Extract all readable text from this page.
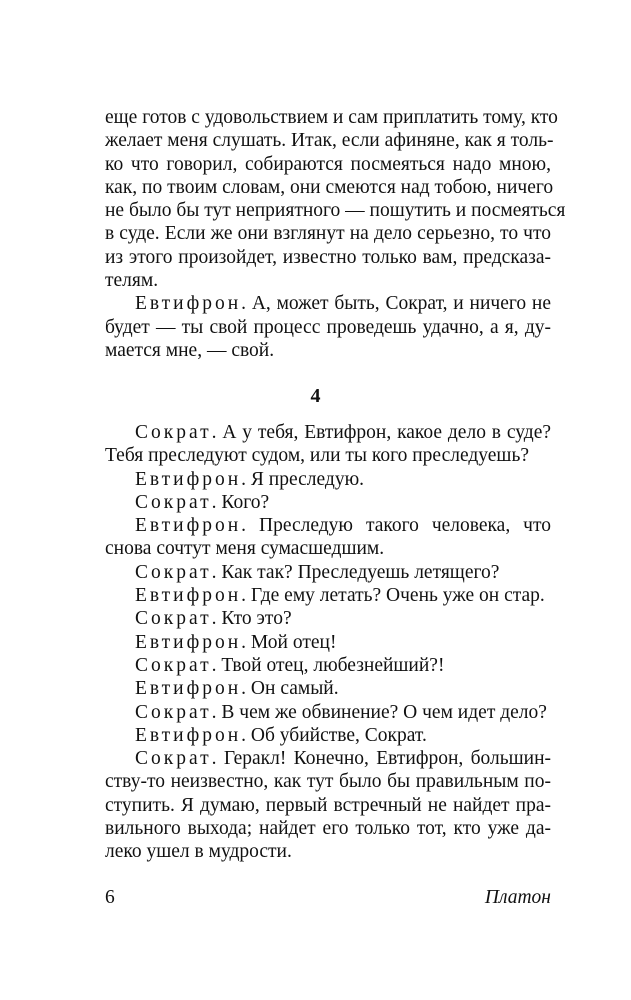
еще готов с удовольствием и сам приплатить тому, кто
желает меня слушать. Итак, если афиняне, как я толь-
ко что говорил, собираются посмеяться надо мною,
как, по твоим словам, они смеются над тобою, ничего
не было бы тут неприятного — пошутить и посмеяться
в суде. Если же они взглянут на дело серьезно, то что
из этого произойдет, известно только вам, предсказа-
телям.
Евтифрон. А, может быть, Сократ, и ничего не
будет — ты свой процесс проведешь удачно, а я, ду-
мается мне, — свой.
4
Сократ. А у тебя, Евтифрон, какое дело в суде?
Тебя преследуют судом, или ты кого преследуешь?
Евтифрон. Я преследую.
Сократ. Кого?
Евтифрон. Преследую такого человека, что
снова сочтут меня сумасшедшим.
Сократ. Как так? Преследуешь летящего?
Евтифрон. Где ему летать? Очень уже он стар.
Сократ. Кто это?
Евтифрон. Мой отец!
Сократ. Твой отец, любезнейший?!
Евтифрон. Он самый.
Сократ. В чем же обвинение? О чем идет дело?
Евтифрон. Об убийстве, Сократ.
Сократ. Геракл! Конечно, Евтифрон, большин-
ству-то неизвестно, как тут было бы правильным по-
ступить. Я думаю, первый встречный не найдет пра-
вильного выхода; найдет его только тот, кто уже да-
леко ушел в мудрости.
6	Платон
